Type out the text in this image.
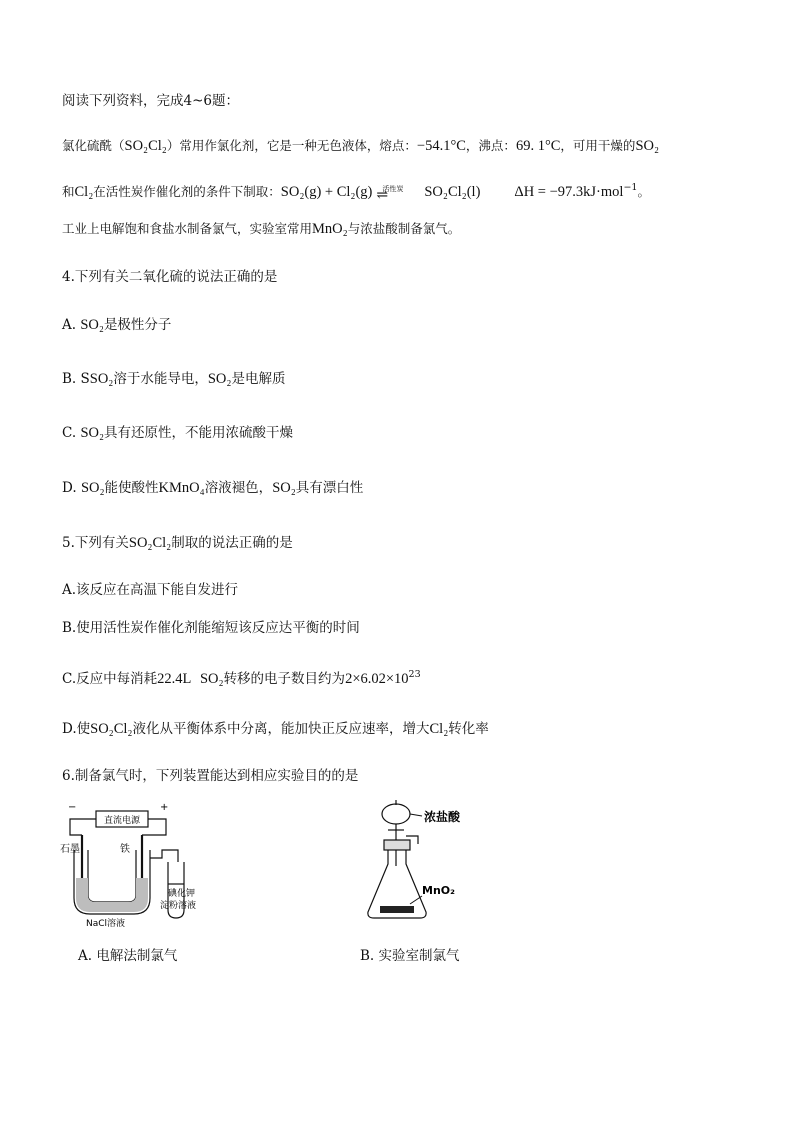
阅读下列资料，完成4~6题：
氯化硫酰（SO₂Cl₂）常用作氯化剂，它是一种无色液体，熔点：−54.1°C，沸点：69. 1°C，可用干燥的SO₂
和Cl₂在活性炭作催化剂的条件下制取：SO₂(g) + Cl₂(g) 活性炭
⇌	SO₂Cl₂(l) ΔH = −97.3kJ·mol$^{-1}$。
工业上电解饱和食盐水制备氯气，实验室常用MnO₂与浓盐酸制备氯气。
4.下列有关二氧化硫的说法正确的是
A. SO₂是极性分子
B. SSO₂溶于水能导电，SO₂是电解质
C. SO₂具有还原性，不能用浓硫酸干燥
D. SO₂能使酸性KMnO₄溶液褪色，SO₂具有漂白性
5.下列有关SO₂Cl₂制取的说法正确的是
A.该反应在高温下能自发进行
B.使用活性炭作催化剂能缩短该反应达平衡的时间
C.反应中每消耗22.4L SO₂转移的电子数目约为$2\times 6.02\times 10^{23}$
D.使SO₂Cl₂液化从平衡体系中分离，能加快正反应速率，增大Cl₂转化率
6.制备氯气时，下列装置能达到相应实验目的的是
直流电源
−	+
石墨	铁
碘化钾
淀粉溶液
NaCl溶液
A. 电解法制氯气
浓盐酸
MnO₂
B. 实验室制氯气
